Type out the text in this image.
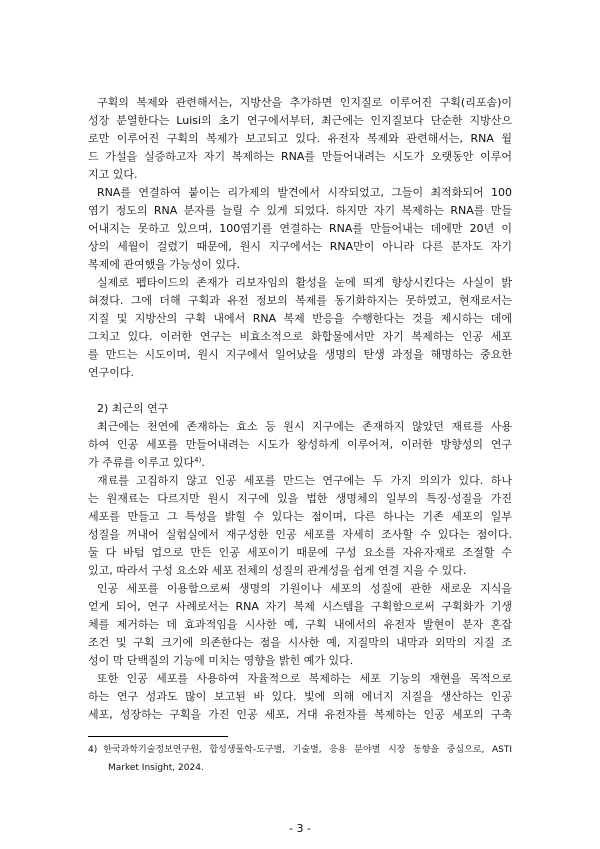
구획의 복제와 관련해서는, 지방산을 추가하면 인지질로 이루어진 구획(리포솜)이
성장 분열한다는 Luisi의 초기 연구에서부터, 최근에는 인지질보다 단순한 지방산으
로만 이루어진 구획의 복제가 보고되고 있다. 유전자 복제와 관련해서는, RNA 월
드 가설을 실증하고자 자기 복제하는 RNA를 만들어내려는 시도가 오랫동안 이루어
지고 있다.
RNA를 연결하여 붙이는 리가제의 발견에서 시작되었고, 그들이 최적화되어 100
염기 정도의 RNA 분자를 늘릴 수 있게 되었다. 하지만 자기 복제하는 RNA를 만들
어내지는 못하고 있으며, 100염기를 연결하는 RNA를 만들어내는 데에만 20년 이
상의 세월이 걸렸기 때문에, 원시 지구에서는 RNA만이 아니라 다른 분자도 자기
복제에 관여했을 가능성이 있다.
실제로 펩타이드의 존재가 리보자임의 활성을 눈에 띄게 향상시킨다는 사실이 밝
혀졌다. 그에 더해 구획과 유전 정보의 복제를 동기화하지는 못하였고, 현재로서는
지질 및 지방산의 구획 내에서 RNA 복제 반응을 수행한다는 것을 제시하는 데에
그치고 있다. 이러한 연구는 비효소적으로 화합물에서만 자기 복제하는 인공 세포
를 만드는 시도이며, 원시 지구에서 일어났을 생명의 탄생 과정을 해명하는 중요한
연구이다.
2) 최근의 연구
최근에는 천연에 존재하는 효소 등 원시 지구에는 존재하지 않았던 재료를 사용
하여 인공 세포를 만들어내려는 시도가 왕성하게 이루어져, 이러한 방향성의 연구
가 주류를 이루고 있다$^{4)}$.
재료를 고집하지 않고 인공 세포를 만드는 연구에는 두 가지 의의가 있다. 하나
는 원재료는 다르지만 원시 지구에 있을 법한 생명체의 일부의 특징·성질을 가진
세포를 만들고 그 특성을 밝힐 수 있다는 점이며, 다른 하나는 기존 세포의 일부
성질을 꺼내어 실험실에서 재구성한 인공 세포를 자세히 조사할 수 있다는 점이다.
둘 다 바텀 업으로 만든 인공 세포이기 때문에 구성 요소를 자유자재로 조절할 수
있고, 따라서 구성 요소와 세포 전체의 성질의 관계성을 쉽게 연결 지을 수 있다.
인공 세포를 이용함으로써 생명의 기원이나 세포의 성질에 관한 새로운 지식을
얻게 되어, 연구 사례로서는 RNA 자기 복제 시스템을 구획함으로써 구획화가 기생
체를 제거하는 데 효과적임을 시사한 예, 구획 내에서의 유전자 발현이 분자 혼잡
조건 및 구획 크기에 의존한다는 점을 시사한 예, 지질막의 내막과 외막의 지질 조
성이 막 단백질의 기능에 미치는 영향을 밝힌 예가 있다.
또한 인공 세포를 사용하여 자율적으로 복제하는 세포 기능의 재현을 목적으로
하는 연구 성과도 많이 보고된 바 있다. 빛에 의해 에너지 지질을 생산하는 인공
세포, 성장하는 구획을 가진 인공 세포, 거대 유전자를 복제하는 인공 세포의 구축
4) 한국과학기술정보연구원, 합성생물학-도구별, 기술별, 응용 분야별 시장 동향을 중심으로, ASTI
Market Insight, 2024.
- 3 -
